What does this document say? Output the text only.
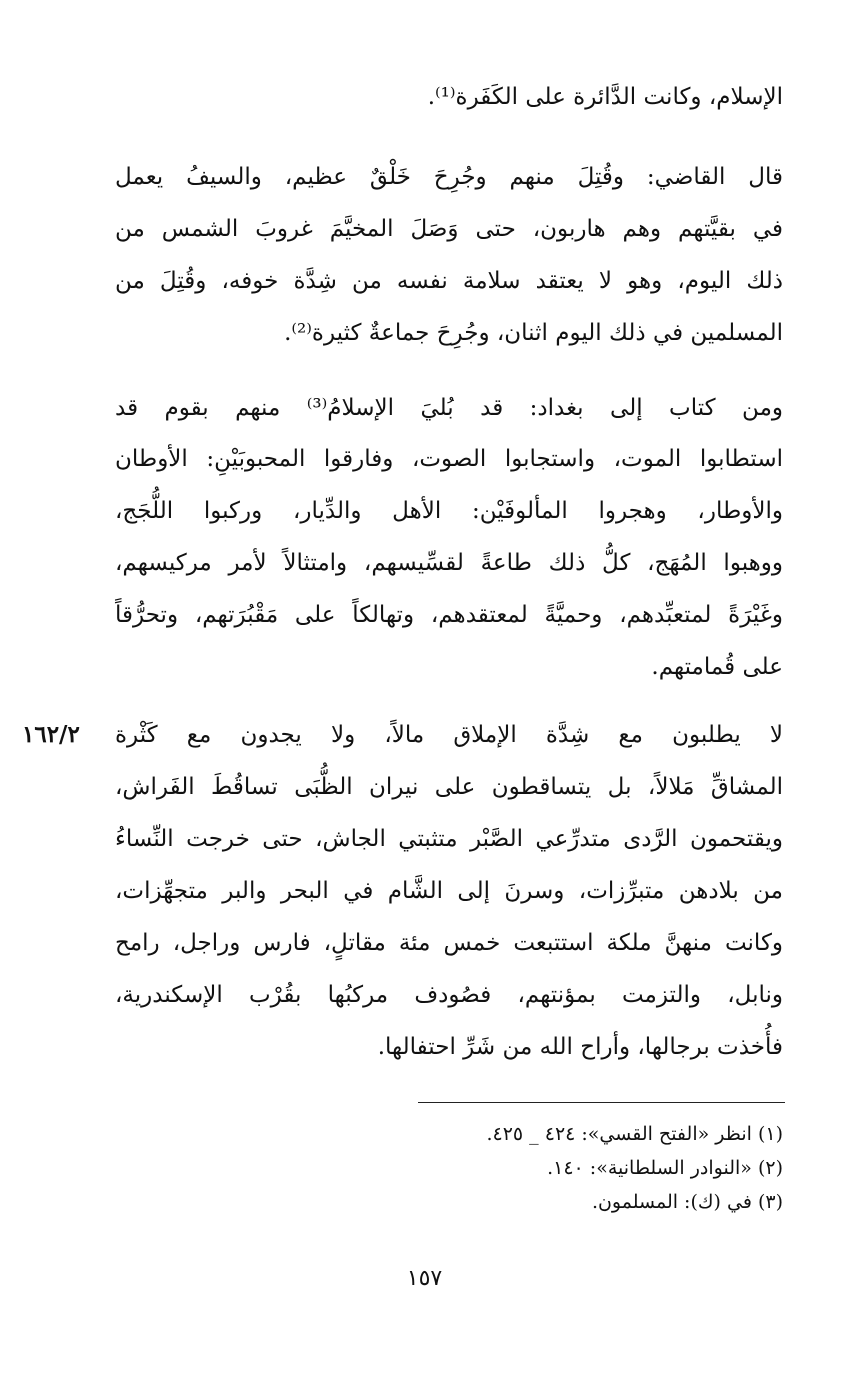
الإسلام، وكانت الدَّائرة على الكَفَرة⁽¹⁾.
قال القاضي: وقُتِلَ منهم وجُرِحَ خَلْقٌ عظيم، والسيفُ يعمل
في بقيَّتهم وهم هاربون، حتى وَصَلَ المخيَّمَ غروبَ الشمس من
ذلك اليوم، وهو لا يعتقد سلامة نفسه من شِدَّة خوفه، وقُتِلَ من
المسلمين في ذلك اليوم اثنان، وجُرِحَ جماعةٌ كثيرة⁽²⁾.
ومن كتاب إلى بغداد: قد بُليَ الإسلامُ⁽³⁾ منهم بقوم قد
استطابوا الموت، واستجابوا الصوت، وفارقوا المحبوبَيْنِ: الأوطان
والأوطار، وهجروا المألوفَيْن: الأهل والدِّيار، وركبوا اللُّجَج،
ووهبوا المُهَج، كلُّ ذلك طاعةً لقسِّيسهم، وامتثالاً لأمر مركيسهم،
وغَيْرَةً لمتعبِّدهم، وحميَّةً لمعتقدهم، وتهالكاً على مَقْبُرَتهم، وتحرُّقاً
على قُمامتهم.
١٦٢/٢ لا يطلبون مع شِدَّة الإملاق مالاً، ولا يجدون مع كَثْرة
المشاقِّ مَلالاً، بل يتساقطون على نيران الظُّبَى تساقُطَ الفَراش،
ويقتحمون الرَّدى متدرِّعي الصَّبْر متثبتي الجاش، حتى خرجت النِّساءُ
من بلادهن متبرِّزات، وسرنَ إلى الشَّام في البحر والبر متجهِّزات،
وكانت منهنَّ ملكة استتبعت خمس مئة مقاتلٍ، فارس وراجل، رامح
ونابل، والتزمت بمؤنتهم، فصُودف مركبُها بقُرْب الإسكندرية،
فأُخذت برجالها، وأراح الله من شَرِّ احتفالها.
(١) انظر «الفتح القسي»: ٤٢٤ _ ٤٢٥.
(٢) «النوادر السلطانية»: ١٤٠.
(٣) في (ك): المسلمون.
١٥٧
